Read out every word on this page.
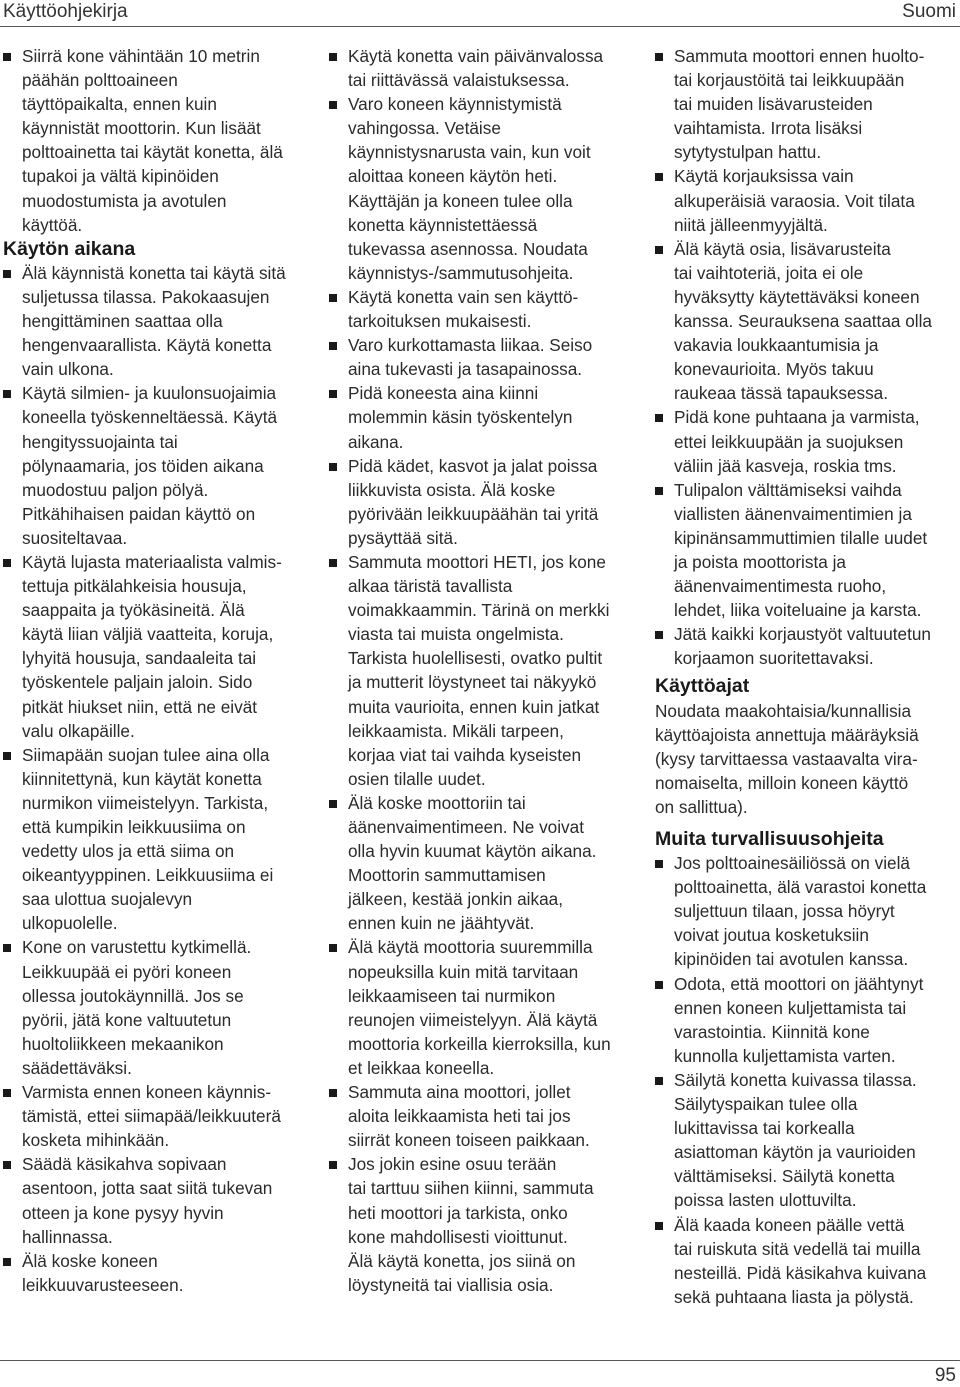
Käyttöohjekirja	Suomi
Siirrä kone vähintään 10 metrin
päähän polttoaineen
täyttöpaikalta, ennen kuin
käynnistät moottorin. Kun lisäät
polttoainetta tai käytät konetta, älä
tupakoi ja vältä kipinöiden
muodostumista ja avotulen
käyttöä.
Käytön aikana
Älä käynnistä konetta tai käytä sitä
suljetussa tilassa. Pakokaasujen
hengittäminen saattaa olla
hengenvaarallista. Käytä konetta
vain ulkona.
Käytä silmien- ja kuulonsuojaimia
koneella työskenneltäessä. Käytä
hengityssuojainta tai
pölynaamaria, jos töiden aikana
muodostuu paljon pölyä.
Pitkähihaisen paidan käyttö on
suositeltavaa.
Käytä lujasta materiaalista valmis-
tettuja pitkälahkeisia housuja,
saappaita ja työkäsineitä. Älä
käytä liian väljiä vaatteita, koruja,
lyhyitä housuja, sandaaleita tai
työskentele paljain jaloin. Sido
pitkät hiukset niin, että ne eivät
valu olkapäille.
Siimapään suojan tulee aina olla
kiinnitettynä, kun käytät konetta
nurmikon viimeistelyyn. Tarkista,
että kumpikin leikkuusiima on
vedetty ulos ja että siima on
oikeantyyppinen. Leikkuusiima ei
saa ulottua suojalevyn
ulkopuolelle.
Kone on varustettu kytkimellä.
Leikkuupää ei pyöri koneen
ollessa joutokäynnillä. Jos se
pyörii, jätä kone valtuutetun
huoltoliikkeen mekaanikon
säädettäväksi.
Varmista ennen koneen käynnis-
tämistä, ettei siimapää/leikkuuterä
kosketa mihinkään.
Säädä käsikahva sopivaan
asentoon, jotta saat siitä tukevan
otteen ja kone pysyy hyvin
hallinnassa.
Älä koske koneen
leikkuuvarusteeseen.
Käytä konetta vain päivänvalossa
tai riittävässä valaistuksessa.
Varo koneen käynnistymistä
vahingossa. Vetäise
käynnistysnarusta vain, kun voit
aloittaa koneen käytön heti.
Käyttäjän ja koneen tulee olla
konetta käynnistettäessä
tukevassa asennossa. Noudata
käynnistys-/sammutusohjeita.
Käytä konetta vain sen käyttö-
tarkoituksen mukaisesti.
Varo kurkottamasta liikaa. Seiso
aina tukevasti ja tasapainossa.
Pidä koneesta aina kiinni
molemmin käsin työskentelyn
aikana.
Pidä kädet, kasvot ja jalat poissa
liikkuvista osista. Älä koske
pyörivään leikkuupäähän tai yritä
pysäyttää sitä.
Sammuta moottori HETI, jos kone
alkaa täristä tavallista
voimakkaammin. Tärinä on merkki
viasta tai muista ongelmista.
Tarkista huolellisesti, ovatko pultit
ja mutterit löystyneet tai näkyykö
muita vaurioita, ennen kuin jatkat
leikkaamista. Mikäli tarpeen,
korjaa viat tai vaihda kyseisten
osien tilalle uudet.
Älä koske moottoriin tai
äänenvaimentimeen. Ne voivat
olla hyvin kuumat käytön aikana.
Moottorin sammuttamisen
jälkeen, kestää jonkin aikaa,
ennen kuin ne jäähtyvät.
Älä käytä moottoria suuremmilla
nopeuksilla kuin mitä tarvitaan
leikkaamiseen tai nurmikon
reunojen viimeistelyyn. Älä käytä
moottoria korkeilla kierroksilla, kun
et leikkaa koneella.
Sammuta aina moottori, jollet
aloita leikkaamista heti tai jos
siirrät koneen toiseen paikkaan.
Jos jokin esine osuu terään
tai tarttuu siihen kiinni, sammuta
heti moottori ja tarkista, onko
kone mahdollisesti vioittunut.
Älä käytä konetta, jos siinä on
löystyneitä tai viallisia osia.
Sammuta moottori ennen huolto-
tai korjaustöitä tai leikkuupään
tai muiden lisävarusteiden
vaihtamista. Irrota lisäksi
sytytystulpan hattu.
Käytä korjauksissa vain
alkuperäisiä varaosia. Voit tilata
niitä jälleenmyyjältä.
Älä käytä osia, lisävarusteita
tai vaihtoteriä, joita ei ole
hyväksytty käytettäväksi koneen
kanssa. Seurauksena saattaa olla
vakavia loukkaantumisia ja
konevaurioita. Myös takuu
raukeaa tässä tapauksessa.
Pidä kone puhtaana ja varmista,
ettei leikkuupään ja suojuksen
väliin jää kasveja, roskia tms.
Tulipalon välttämiseksi vaihda
viallisten äänenvaimentimien ja
kipinänsammuttimien tilalle uudet
ja poista moottorista ja
äänenvaimentimesta ruoho,
lehdet, liika voiteluaine ja karsta.
Jätä kaikki korjaustyöt valtuutetun
korjaamon suoritettavaksi.
Käyttöajat
Noudata maakohtaisia/kunnallisia
käyttöajoista annettuja määräyksiä
(kysy tarvittaessa vastaavalta vira-
nomaiselta, milloin koneen käyttö
on sallittua).
Muita turvallisuusohjeita
Jos polttoainesäiliössä on vielä
polttoainetta, älä varastoi konetta
suljettuun tilaan, jossa höyryt
voivat joutua kosketuksiin
kipinöiden tai avotulen kanssa.
Odota, että moottori on jäähtynyt
ennen koneen kuljettamista tai
varastointia. Kiinnitä kone
kunnolla kuljettamista varten.
Säilytä konetta kuivassa tilassa.
Säilytyspaikan tulee olla
lukittavissa tai korkealla
asiattoman käytön ja vaurioiden
välttämiseksi. Säilytä konetta
poissa lasten ulottuvilta.
Älä kaada koneen päälle vettä
tai ruiskuta sitä vedellä tai muilla
nesteillä. Pidä käsikahva kuivana
sekä puhtaana liasta ja pölystä.
95
